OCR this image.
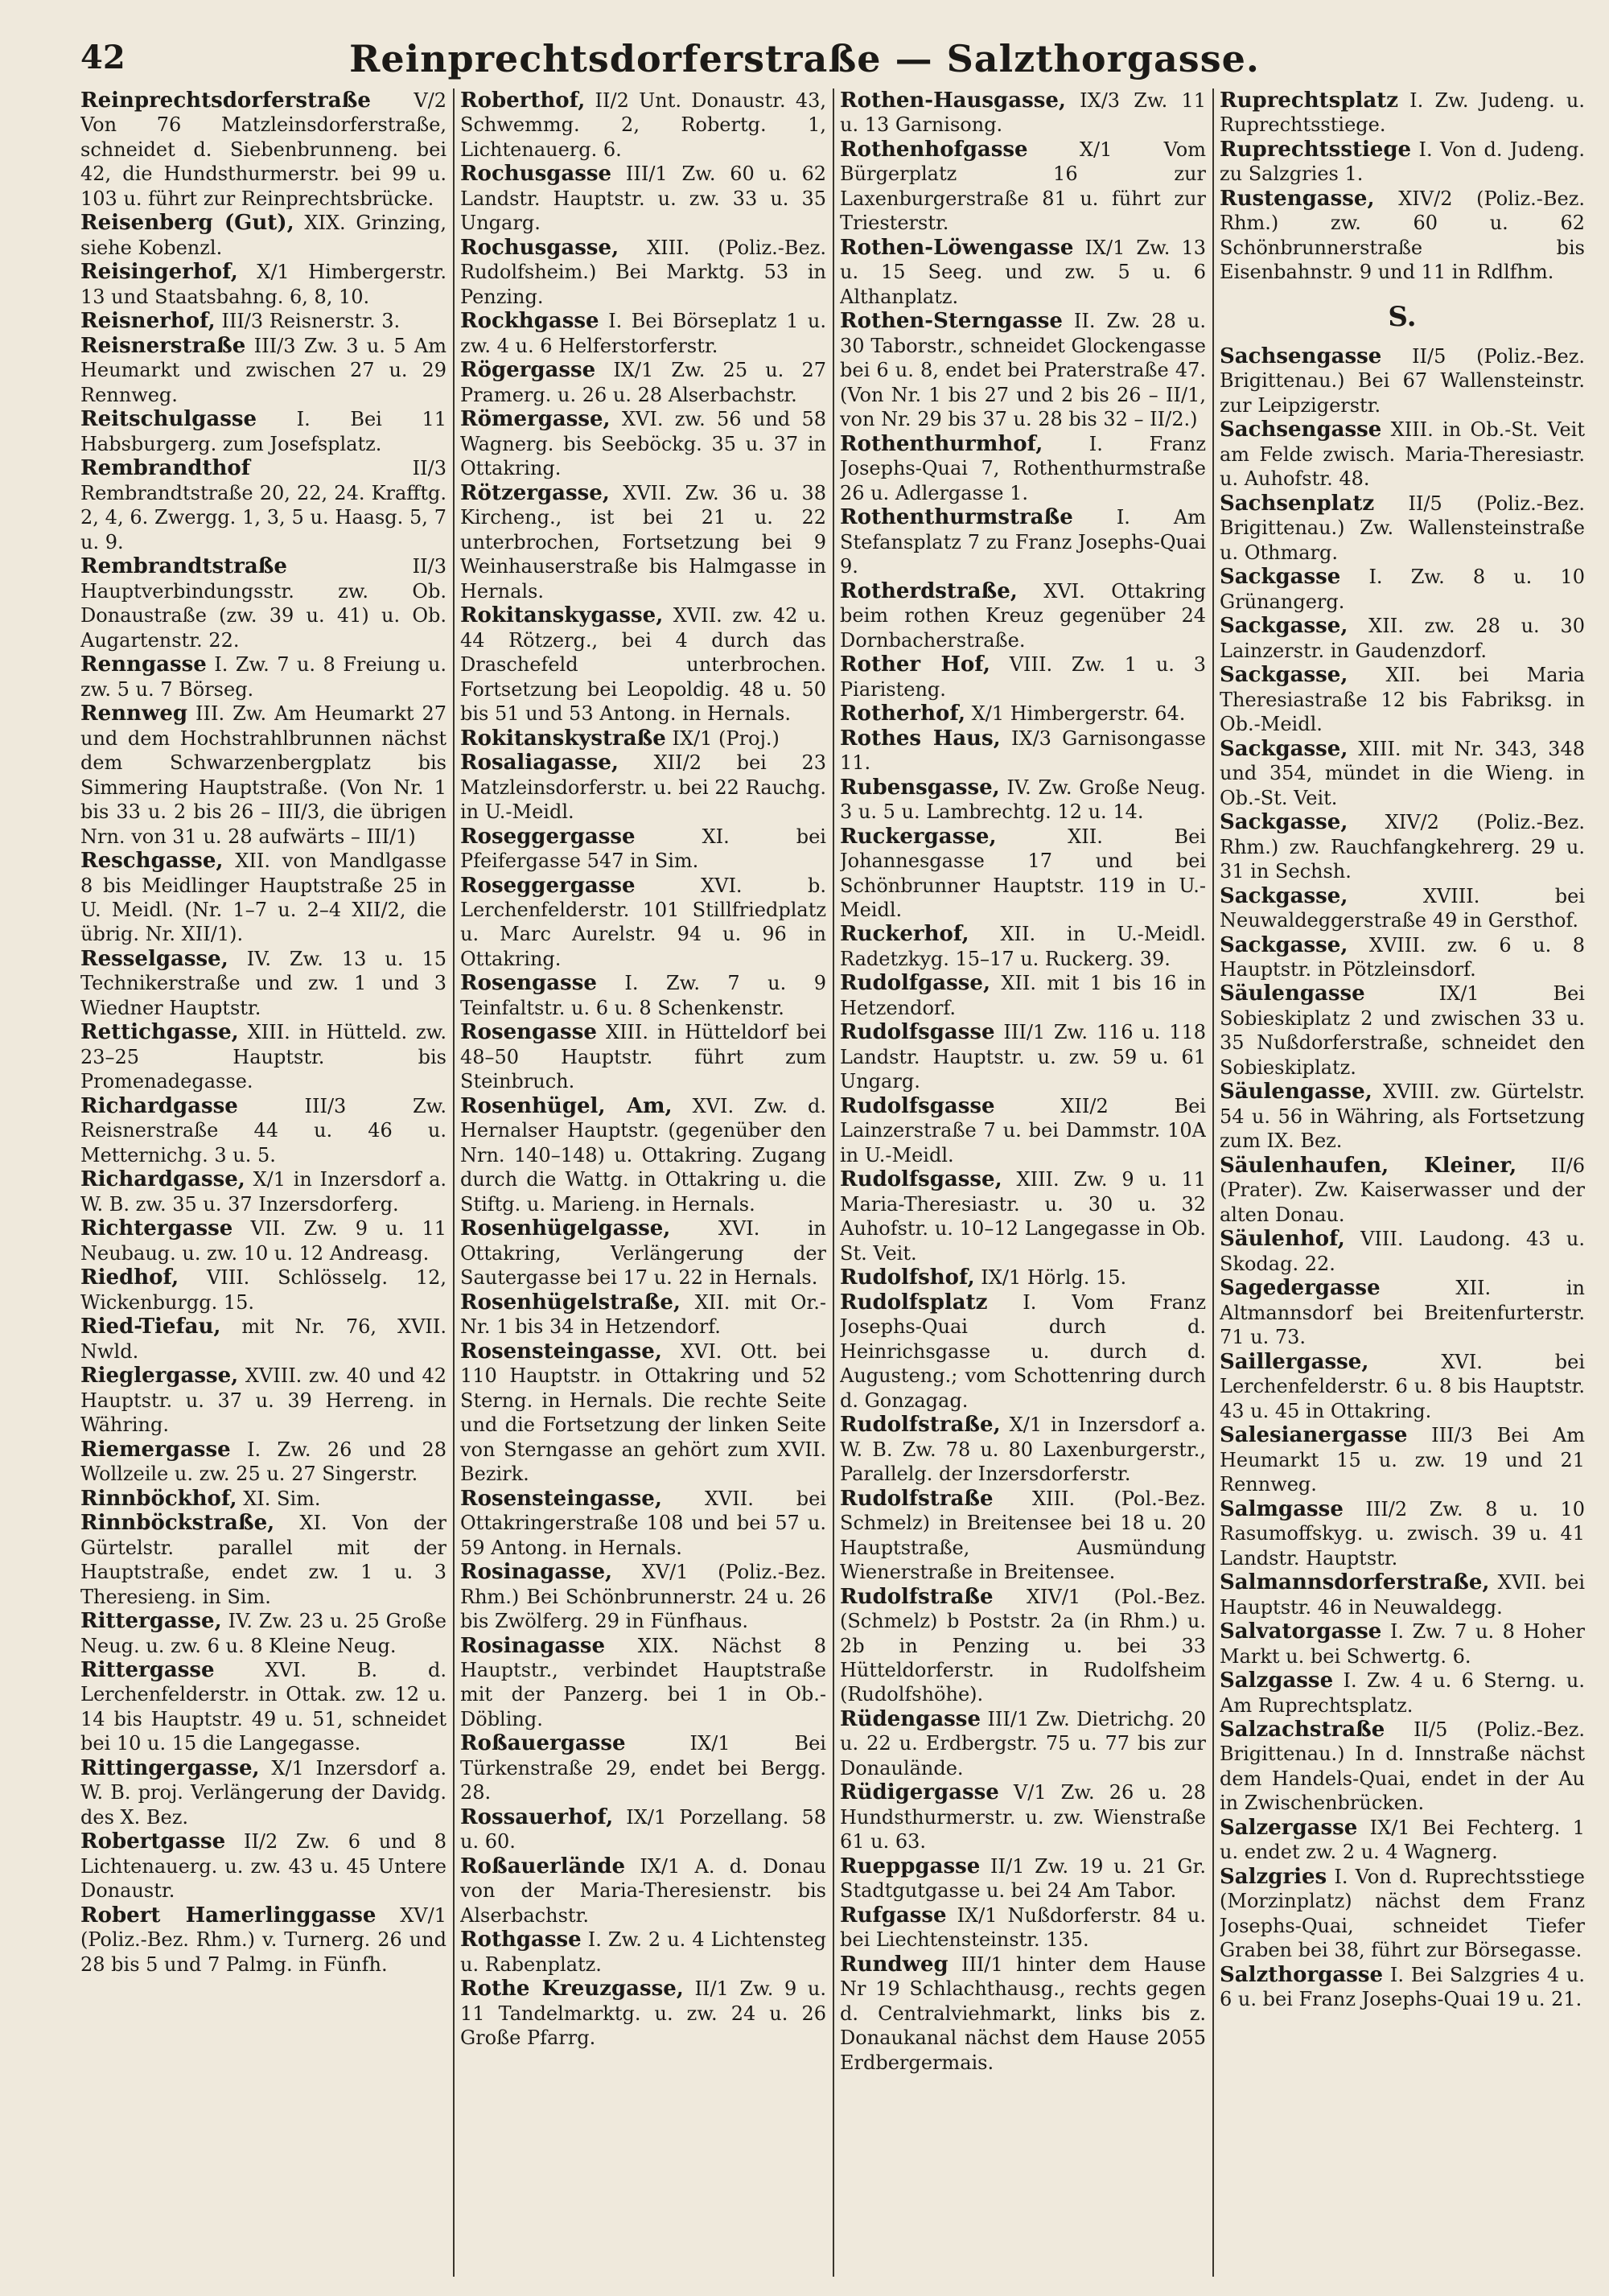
42	Reinprechtsdorferstraße — Salzthorgasse.

Reinprechtsdorferstraße V/2 Von 76 Matzleinsdorferstraße, schneidet d. Siebenbrunneng. bei 42, die Hundsthurmerstr. bei 99 u. 103 u. führt zur Reinprechtsbrücke.

Reisenberg (Gut), XIX. Grinzing, siehe Kobenzl.

Reisingerhof, X/1 Himbergerstr. 13 und Staatsbahng. 6, 8, 10.

Reisnerhof, III/3 Reisnerstr. 3.

Reisnerstraße III/3 Zw. 3 u. 5 Am Heumarkt und zwischen 27 u. 29 Rennweg.

Reitschulgasse I. Bei 11 Habsburgerg. zum Josefsplatz.

Rembrandthof	II/3 Rembrandtstraße 20, 22, 24. Krafftg. 2, 4, 6. Zwergg. 1, 3, 5 u. Haasg. 5, 7 u. 9.

Rembrandtstraße	II/3 Hauptverbindungsstr. zw. Ob. Donaustraße (zw. 39 u. 41) u. Ob. Augartenstr. 22.

Renngasse I. Zw. 7 u. 8 Freiung u. zw. 5 u. 7 Börseg.

Rennweg III. Zw. Am Heumarkt 27 und dem Hochstrahlbrunnen nächst dem Schwarzenbergplatz bis Simmering Hauptstraße. (Von Nr. 1 bis 33 u. 2 bis 26 – III/3, die übrigen Nrn. von 31 u. 28 aufwärts – III/1)

Reschgasse, XII. von Mandlgasse 8 bis Meidlinger Hauptstraße 25 in U. Meidl. (Nr. 1–7 u. 2–4 XII/2, die übrig. Nr. XII/1).

Resselgasse, IV. Zw. 13 u. 15 Technikerstraße und zw. 1 und 3 Wiedner Hauptstr.

Rettichgasse, XIII. in Hütteld. zw. 23–25 Hauptstr. bis Promenadegasse.

Richardgasse	III/3 Zw. Reisnerstraße 44 u. 46 u. Metternichg. 3 u. 5.

Richardgasse, X/1 in Inzersdorf a. W. B. zw. 35 u. 37 Inzersdorferg.

Richtergasse VII. Zw. 9 u. 11 Neubaug. u. zw. 10 u. 12 Andreasg.

Riedhof, VIII. Schlösselg. 12, Wickenburgg. 15.

Ried-Tiefau, mit Nr. 76, XVII. Nwld.

Rieglergasse, XVIII. zw. 40 und 42 Hauptstr. u. 37 u. 39 Herreng. in Währing.

Riemergasse I. Zw. 26 und 28 Wollzeile u. zw. 25 u. 27 Singerstr.

Rinnböckhof, XI. Sim.

Rinnböckstraße, XI. Von der Gürtelstr. parallel mit der Hauptstraße, endet zw. 1 u. 3 Theresieng. in Sim.

Rittergasse, IV. Zw. 23 u. 25 Große Neug. u. zw. 6 u. 8 Kleine Neug.

Rittergasse	XVI. B. d. Lerchenfelderstr. in Ottak. zw. 12 u. 14 bis Hauptstr. 49 u. 51, schneidet bei 10 u. 15 die Langegasse.

Rittingergasse, X/1 Inzersdorf a. W. B. proj. Verlängerung der Davidg. des X. Bez.

Robertgasse II/2 Zw. 6 und 8 Lichtenauerg. u. zw. 43 u. 45 Untere Donaustr.

Robert Hamerlinggasse XV/1 (Poliz.-Bez. Rhm.) v. Turnerg. 26 und 28 bis 5 und 7 Palmg. in Fünfh.

Roberthof, II/2 Unt. Donaustr. 43, Schwemmg. 2, Robertg. 1, Lichtenauerg. 6.

Rochusgasse III/1 Zw. 60 u. 62 Landstr. Hauptstr. u. zw. 33 u. 35 Ungarg.

Rochusgasse, XIII. (Poliz.-Bez. Rudolfsheim.) Bei Marktg. 53 in Penzing.

Rockhgasse I. Bei Börseplatz 1 u. zw. 4 u. 6 Helferstorferstr.

Rögergasse IX/1 Zw. 25 u. 27 Pramerg. u. 26 u. 28 Alserbachstr.

Römergasse, XVI. zw. 56 und 58 Wagnerg. bis Seeböckg. 35 u. 37 in Ottakring.

Rötzergasse, XVII. Zw. 36 u. 38 Kircheng., ist bei 21 u. 22 unterbrochen, Fortsetzung bei 9 Weinhauserstraße bis Halmgasse in Hernals.

Rokitanskygasse, XVII. zw. 42 u. 44 Rötzerg., bei 4 durch das Draschefeld unterbrochen. Fortsetzung bei Leopoldig. 48 u. 50 bis 51 und 53 Antong. in Hernals.

Rokitanskystraße IX/1 (Proj.)

Rosaliagasse, XII/2 bei 23 Matzleinsdorferstr. u. bei 22 Rauchg. in U.-Meidl.

Roseggergasse	XI. bei Pfeifergasse 547 in Sim.

Roseggergasse	XVI. b. Lerchenfelderstr. 101 Stillfriedplatz u. Marc Aurelstr. 94 u. 96 in Ottakring.

Rosengasse I. Zw. 7 u. 9 Teinfaltstr. u. 6 u. 8 Schenkenstr.

Rosengasse XIII. in Hütteldorf bei 48–50 Hauptstr. führt zum Steinbruch.

Rosenhügel, Am, XVI. Zw. d. Hernalser Hauptstr. (gegenüber den Nrn. 140–148) u. Ottakring. Zugang durch die Wattg. in Ottakring u. die Stiftg. u. Marieng. in Hernals.

Rosenhügelgasse, XVI. in Ottakring, Verlängerung der Sautergasse bei 17 u. 22 in Hernals.

Rosenhügelstraße, XII. mit Or.-Nr. 1 bis 34 in Hetzendorf.

Rosensteingasse, XVI. Ott. bei 110 Hauptstr. in Ottakring und 52 Sterng. in Hernals. Die rechte Seite und die Fortsetzung der linken Seite von Sterngasse an gehört zum XVII. Bezirk.

Rosensteingasse, XVII. bei Ottakringerstraße 108 und bei 57 u. 59 Antong. in Hernals.

Rosinagasse, XV/1 (Poliz.-Bez. Rhm.) Bei Schönbrunnerstr. 24 u. 26 bis Zwölferg. 29 in Fünfhaus.

Rosinagasse XIX. Nächst 8 Hauptstr., verbindet Hauptstraße mit der Panzerg. bei 1 in Ob.-Döbling.

Roßauergasse	IX/1 Bei Türkenstraße 29, endet bei Bergg. 28.

Rossauerhof, IX/1 Porzellang. 58 u. 60.

Roßauerlände IX/1 A. d. Donau von der Maria-Theresienstr. bis Alserbachstr.

Rothgasse I. Zw. 2 u. 4 Lichtensteg u. Rabenplatz.

Rothe Kreuzgasse, II/1 Zw. 9 u. 11 Tandelmarktg. u. zw. 24 u. 26 Große Pfarrg.

Rothen-Hausgasse, IX/3 Zw. 11 u. 13 Garnisong.

Rothenhofgasse	X/1 Vom Bürgerplatz 16 zur Laxenburgerstraße 81 u. führt zur Triesterstr.

Rothen-Löwengasse IX/1 Zw. 13 u. 15 Seeg. und zw. 5 u. 6 Althanplatz.

Rothen-Sterngasse II. Zw. 28 u. 30 Taborstr., schneidet Glockengasse bei 6 u. 8, endet bei Praterstraße 47. (Von Nr. 1 bis 27 und 2 bis 26 – II/1, von Nr. 29 bis 37 u. 28 bis 32 – II/2.)

Rothenthurmhof, I. Franz Josephs-Quai 7, Rothenthurmstraße 26 u. Adlergasse 1.

Rothenthurmstraße I. Am Stefansplatz 7 zu Franz Josephs-Quai 9.

Rotherdstraße, XVI. Ottakring beim rothen Kreuz gegenüber 24 Dornbacherstraße.

Rother Hof, VIII. Zw. 1 u. 3 Piaristeng.

Rotherhof, X/1 Himbergerstr. 64.

Rothes Haus, IX/3 Garnisongasse 11.

Rubensgasse, IV. Zw. Große Neug. 3 u. 5 u. Lambrechtg. 12 u. 14.

Ruckergasse,	XII. Bei Johannesgasse 17 und bei Schönbrunner Hauptstr. 119 in U.-Meidl.

Ruckerhof, XII. in U.-Meidl. Radetzkyg. 15–17 u. Ruckerg. 39.

Rudolfgasse, XII. mit 1 bis 16 in Hetzendorf.

Rudolfsgasse III/1 Zw. 116 u. 118 Landstr. Hauptstr. u. zw. 59 u. 61 Ungarg.

Rudolfsgasse	XII/2 Bei Lainzerstraße 7 u. bei Dammstr. 10A in U.-Meidl.

Rudolfsgasse, XIII. Zw. 9 u. 11 Maria-Theresiastr. u. 30 u. 32 Auhofstr. u. 10–12 Langegasse in Ob. St. Veit.

Rudolfshof, IX/1 Hörlg. 15.

Rudolfsplatz I. Vom Franz Josephs-Quai durch d. Heinrichsgasse u. durch d. Augusteng.; vom Schottenring durch d. Gonzagag.

Rudolfstraße, X/1 in Inzersdorf a. W. B. Zw. 78 u. 80 Laxenburgerstr., Parallelg. der Inzersdorferstr.

Rudolfstraße XIII. (Pol.-Bez. Schmelz) in Breitensee bei 18 u. 20 Hauptstraße, Ausmündung Wienerstraße in Breitensee.

Rudolfstraße XIV/1 (Pol.-Bez. (Schmelz) b Poststr. 2a (in Rhm.) u. 2b in Penzing u. bei 33 Hütteldorferstr. in Rudolfsheim (Rudolfshöhe).

Rüdengasse III/1 Zw. Dietrichg. 20 u. 22 u. Erdbergstr. 75 u. 77 bis zur Donaulände.

Rüdigergasse V/1 Zw. 26 u. 28 Hundsthurmerstr. u. zw. Wienstraße 61 u. 63.

Rueppgasse II/1 Zw. 19 u. 21 Gr. Stadtgutgasse u. bei 24 Am Tabor.

Rufgasse IX/1 Nußdorferstr. 84 u. bei Liechtensteinstr. 135.

Rundweg III/1 hinter dem Hause Nr 19 Schlachthausg., rechts gegen d. Centralviehmarkt, links bis z. Donaukanal nächst dem Hause 2055 Erdbergermais.

Ruprechtsplatz I. Zw. Judeng. u. Ruprechtsstiege.

Ruprechtsstiege I. Von d. Judeng. zu Salzgries 1.

Rustengasse, XIV/2 (Poliz.-Bez. Rhm.) zw. 60 u. 62 Schönbrunnerstraße bis Eisenbahnstr. 9 und 11 in Rdlfhm.

S.

Sachsengasse II/5 (Poliz.-Bez. Brigittenau.) Bei 67 Wallensteinstr. zur Leipzigerstr.

Sachsengasse XIII. in Ob.-St. Veit am Felde zwisch. Maria-Theresiastr. u. Auhofstr. 48.

Sachsenplatz II/5 (Poliz.-Bez. Brigittenau.) Zw. Wallensteinstraße u. Othmarg.

Sackgasse I. Zw. 8 u. 10 Grünangerg.

Sackgasse, XII. zw. 28 u. 30 Lainzerstr. in Gaudenzdorf.

Sackgasse, XII. bei Maria Theresiastraße 12 bis Fabriksg. in Ob.-Meidl.

Sackgasse, XIII. mit Nr. 343, 348 und 354, mündet in die Wieng. in Ob.-St. Veit.

Sackgasse, XIV/2 (Poliz.-Bez. Rhm.) zw. Rauchfangkehrerg. 29 u. 31 in Sechsh.

Sackgasse,	XVIII. bei Neuwaldeggerstraße 49 in Gersthof.

Sackgasse, XVIII. zw. 6 u. 8 Hauptstr. in Pötzleinsdorf.

Säulengasse	IX/1 Bei Sobieskiplatz 2 und zwischen 33 u. 35 Nußdorferstraße, schneidet den Sobieskiplatz.

Säulengasse, XVIII. zw. Gürtelstr. 54 u. 56 in Währing, als Fortsetzung zum IX. Bez.

Säulenhaufen, Kleiner, II/6 (Prater). Zw. Kaiserwasser und der alten Donau.

Säulenhof, VIII. Laudong. 43 u. Skodag. 22.

Sagedergasse	XII. in Altmannsdorf bei Breitenfurterstr. 71 u. 73.

Saillergasse,	XVI. bei Lerchenfelderstr. 6 u. 8 bis Hauptstr. 43 u. 45 in Ottakring.

Salesianergasse III/3 Bei Am Heumarkt 15 u. zw. 19 und 21 Rennweg.

Salmgasse III/2 Zw. 8 u. 10 Rasumoffskyg. u. zwisch. 39 u. 41 Landstr. Hauptstr.

Salmannsdorferstraße, XVII. bei Hauptstr. 46 in Neuwaldegg.

Salvatorgasse I. Zw. 7 u. 8 Hoher Markt u. bei Schwertg. 6.

Salzgasse I. Zw. 4 u. 6 Sterng. u. Am Ruprechtsplatz.

Salzachstraße II/5 (Poliz.-Bez. Brigittenau.) In d. Innstraße nächst dem Handels-Quai, endet in der Au in Zwischenbrücken.

Salzergasse IX/1 Bei Fechterg. 1 u. endet zw. 2 u. 4 Wagnerg.

Salzgries I. Von d. Ruprechtsstiege (Morzinplatz) nächst dem Franz Josephs-Quai, schneidet Tiefer Graben bei 38, führt zur Börsegasse.

Salzthorgasse I. Bei Salzgries 4 u. 6 u. bei Franz Josephs-Quai 19 u. 21.
